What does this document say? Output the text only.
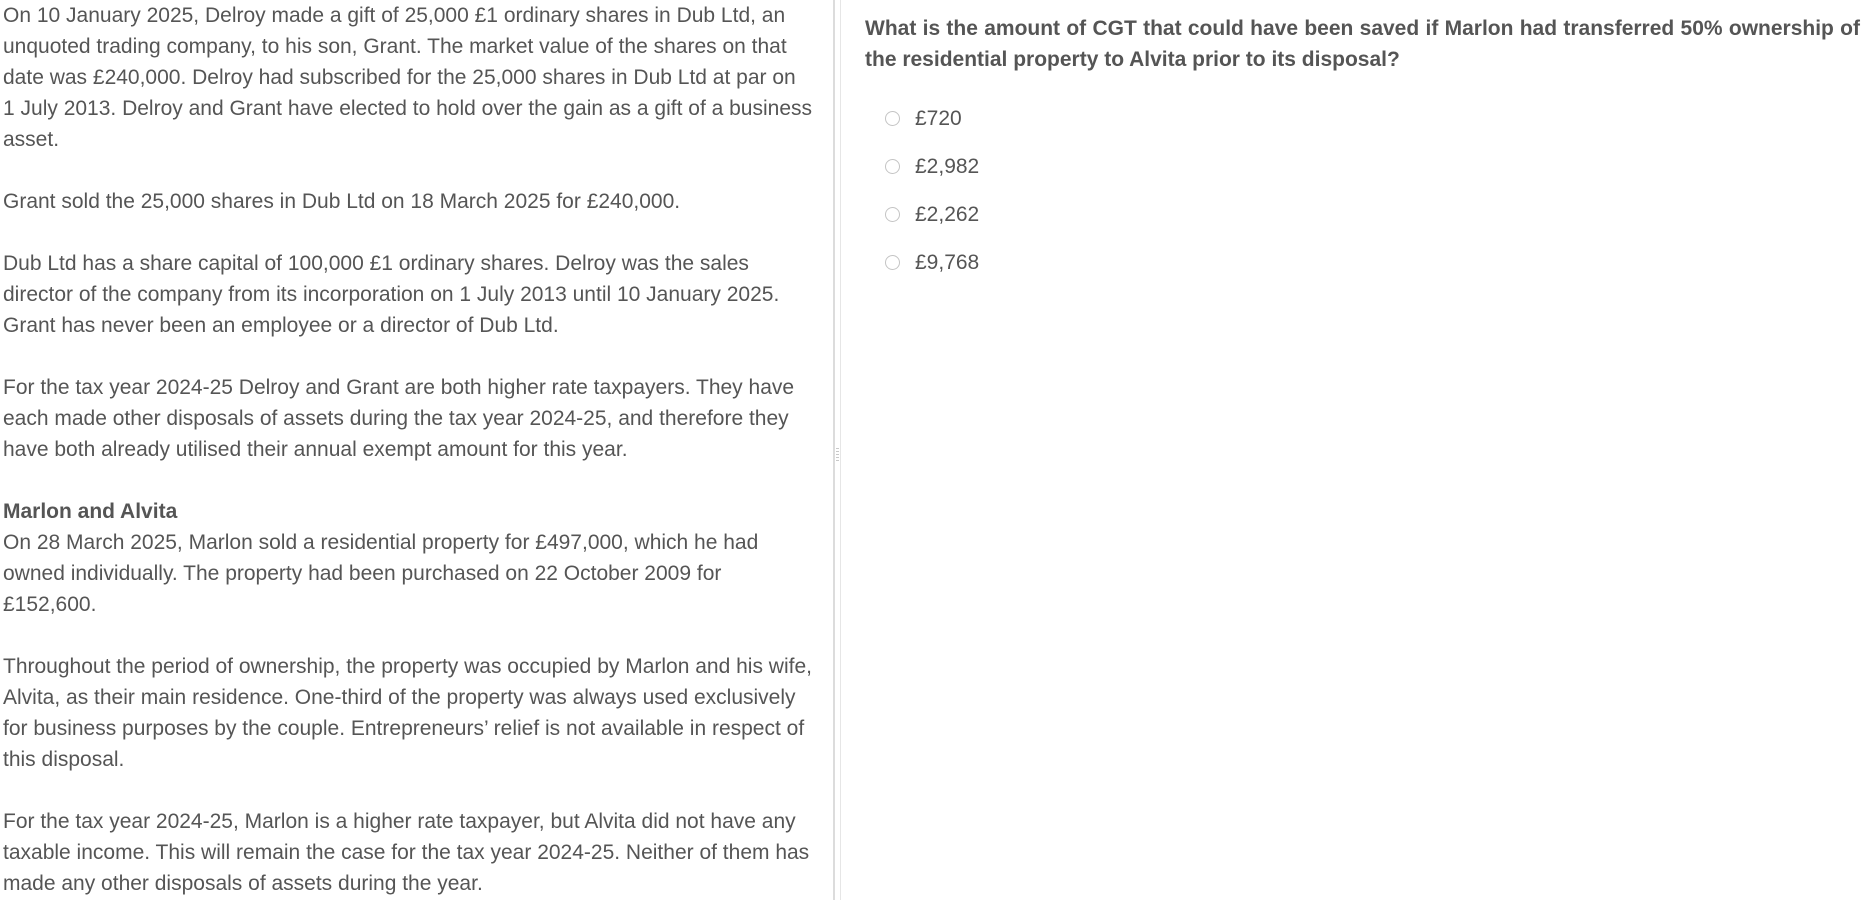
On 10 January 2025, Delroy made a gift of 25,000 £1 ordinary shares in Dub Ltd, an unquoted trading company, to his son, Grant. The market value of the shares on that date was £240,000. Delroy had subscribed for the 25,000 shares in Dub Ltd at par on 1 July 2013. Delroy and Grant have elected to hold over the gain as a gift of a business asset.

Grant sold the 25,000 shares in Dub Ltd on 18 March 2025 for £240,000.

Dub Ltd has a share capital of 100,000 £1 ordinary shares. Delroy was the sales director of the company from its incorporation on 1 July 2013 until 10 January 2025. Grant has never been an employee or a director of Dub Ltd.

For the tax year 2024-25 Delroy and Grant are both higher rate taxpayers. They have each made other disposals of assets during the tax year 2024-25, and therefore they have both already utilised their annual exempt amount for this year.

Marlon and Alvita
On 28 March 2025, Marlon sold a residential property for £497,000, which he had owned individually. The property had been purchased on 22 October 2009 for £152,600.

Throughout the period of ownership, the property was occupied by Marlon and his wife, Alvita, as their main residence. One-third of the property was always used exclusively for business purposes by the couple. Entrepreneurs’ relief is not available in respect of this disposal.

For the tax year 2024-25, Marlon is a higher rate taxpayer, but Alvita did not have any taxable income. This will remain the case for the tax year 2024-25. Neither of them has made any other disposals of assets during the year.

What is the amount of CGT that could have been saved if Marlon had transferred 50% ownership of the residential property to Alvita prior to its disposal?
£720
£2,982
£2,262
£9,768
